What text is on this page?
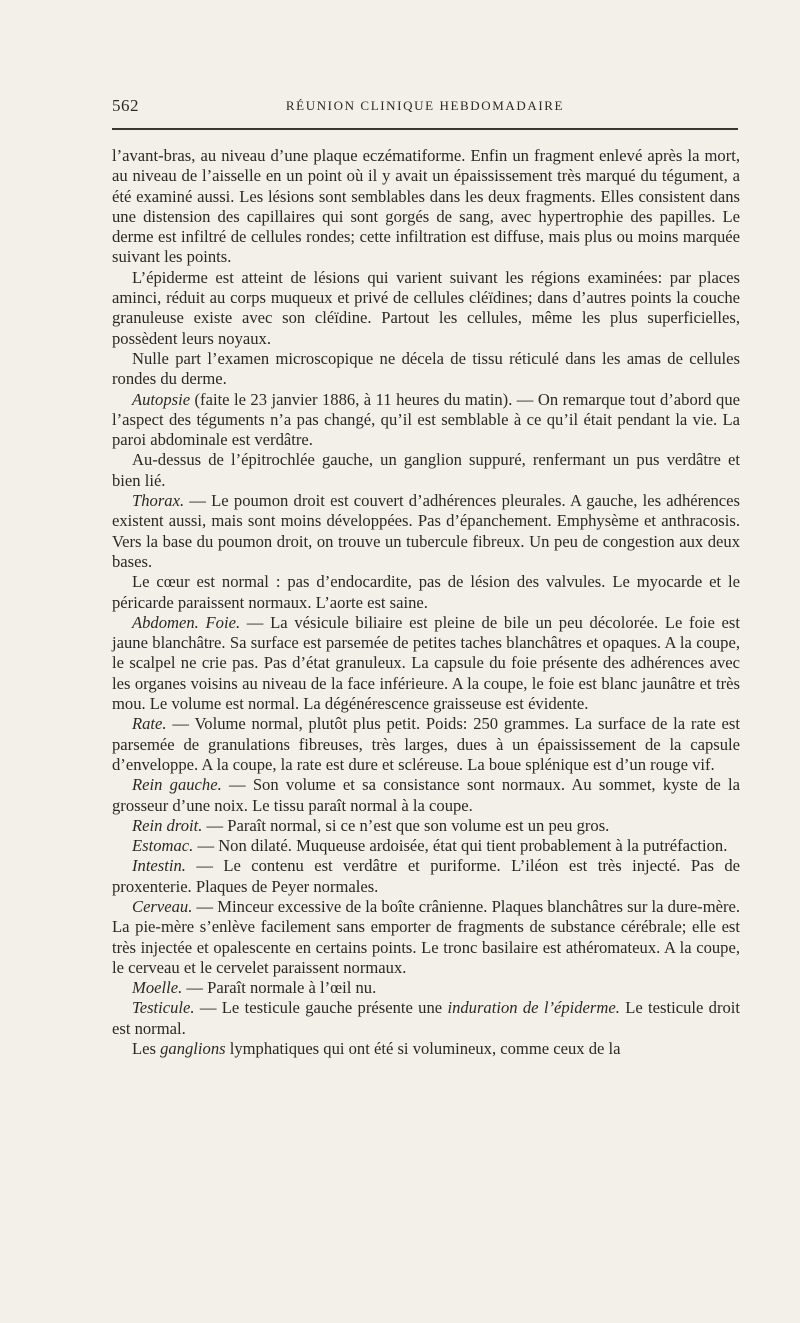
562	RÉUNION CLINIQUE HEBDOMADAIRE

l’avant-bras, au niveau d’une plaque eczématiforme. Enfin un fragment enlevé après la mort, au niveau de l’aisselle en un point où il y avait un épaississement très marqué du tégument, a été examiné aussi. Les lésions sont semblables dans les deux fragments. Elles consistent dans une distension des capillaires qui sont gorgés de sang, avec hypertrophie des papilles. Le derme est infiltré de cellules rondes; cette infiltration est diffuse, mais plus ou moins marquée suivant les points.

L’épiderme est atteint de lésions qui varient suivant les régions examinées: par places aminci, réduit au corps muqueux et privé de cellules cléïdines; dans d’autres points la couche granuleuse existe avec son cléïdine. Partout les cellules, même les plus superficielles, possèdent leurs noyaux.

Nulle part l’examen microscopique ne décela de tissu réticulé dans les amas de cellules rondes du derme.

Autopsie (faite le 23 janvier 1886, à 11 heures du matin). — On remarque tout d’abord que l’aspect des téguments n’a pas changé, qu’il est semblable à ce qu’il était pendant la vie. La paroi abdominale est verdâtre.

Au-dessus de l’épitrochlée gauche, un ganglion suppuré, renfermant un pus verdâtre et bien lié.

Thorax. — Le poumon droit est couvert d’adhérences pleurales. A gauche, les adhérences existent aussi, mais sont moins développées. Pas d’épanchement. Emphysème et anthracosis. Vers la base du poumon droit, on trouve un tubercule fibreux. Un peu de congestion aux deux bases.

Le cœur est normal : pas d’endocardite, pas de lésion des valvules. Le myocarde et le péricarde paraissent normaux. L’aorte est saine.

Abdomen. Foie. — La vésicule biliaire est pleine de bile un peu décolorée. Le foie est jaune blanchâtre. Sa surface est parsemée de petites taches blanchâtres et opaques. A la coupe, le scalpel ne crie pas. Pas d’état granuleux. La capsule du foie présente des adhérences avec les organes voisins au niveau de la face inférieure. A la coupe, le foie est blanc jaunâtre et très mou. Le volume est normal. La dégénérescence graisseuse est évidente.

Rate. — Volume normal, plutôt plus petit. Poids: 250 grammes. La surface de la rate est parsemée de granulations fibreuses, très larges, dues à un épaississement de la capsule d’enveloppe. A la coupe, la rate est dure et scléreuse. La boue splénique est d’un rouge vif.

Rein gauche. — Son volume et sa consistance sont normaux. Au sommet, kyste de la grosseur d’une noix. Le tissu paraît normal à la coupe.

Rein droit. — Paraît normal, si ce n’est que son volume est un peu gros.

Estomac. — Non dilaté. Muqueuse ardoisée, état qui tient probablement à la putréfaction.

Intestin. — Le contenu est verdâtre et puriforme. L’iléon est très injecté. Pas de proxenterie. Plaques de Peyer normales.

Cerveau. — Minceur excessive de la boîte crânienne. Plaques blanchâtres sur la dure-mère. La pie-mère s’enlève facilement sans emporter de fragments de substance cérébrale; elle est très injectée et opalescente en certains points. Le tronc basilaire est athéromateux. A la coupe, le cerveau et le cervelet paraissent normaux.

Moelle. — Paraît normale à l’œil nu.

Testicule. — Le testicule gauche présente une induration de l’épiderme. Le testicule droit est normal.

Les ganglions lymphatiques qui ont été si volumineux, comme ceux de la
